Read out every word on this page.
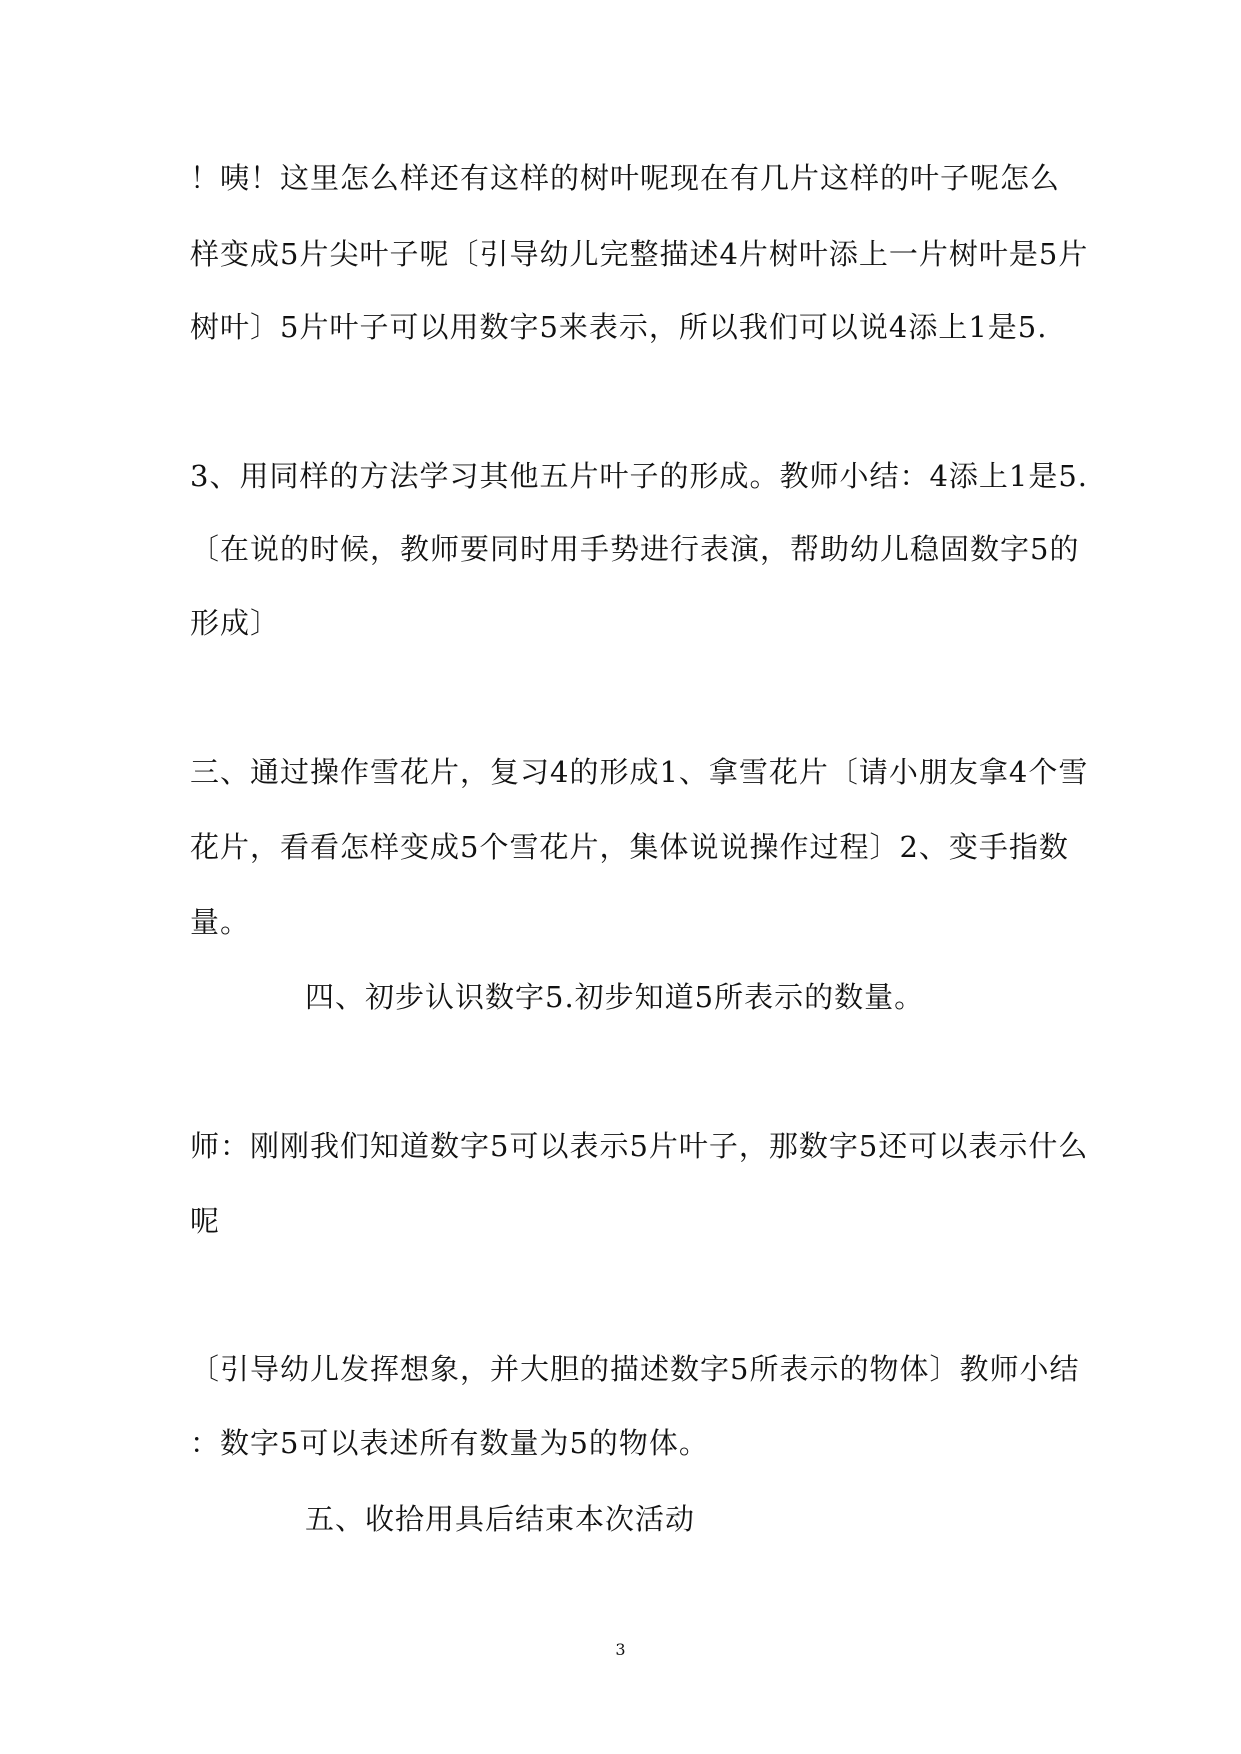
！咦！这里怎么样还有这样的树叶呢现在有几片这样的叶子呢怎么
样变成5片尖叶子呢〔引导幼儿完整描述4片树叶添上一片树叶是5片
树叶〕5片叶子可以用数字5来表示，所以我们可以说4添上1是5.
3、用同样的方法学习其他五片叶子的形成。教师小结：4添上1是5.
〔在说的时候，教师要同时用手势进行表演，帮助幼儿稳固数字5的
形成〕
三、通过操作雪花片，复习4的形成1、拿雪花片〔请小朋友拿4个雪
花片，看看怎样变成5个雪花片，集体说说操作过程〕2、变手指数
量。
四、初步认识数字5.初步知道5所表示的数量。
师：刚刚我们知道数字5可以表示5片叶子，那数字5还可以表示什么
呢
〔引导幼儿发挥想象，并大胆的描述数字5所表示的物体〕教师小结
：数字5可以表述所有数量为5的物体。
五、收拾用具后结束本次活动
3
